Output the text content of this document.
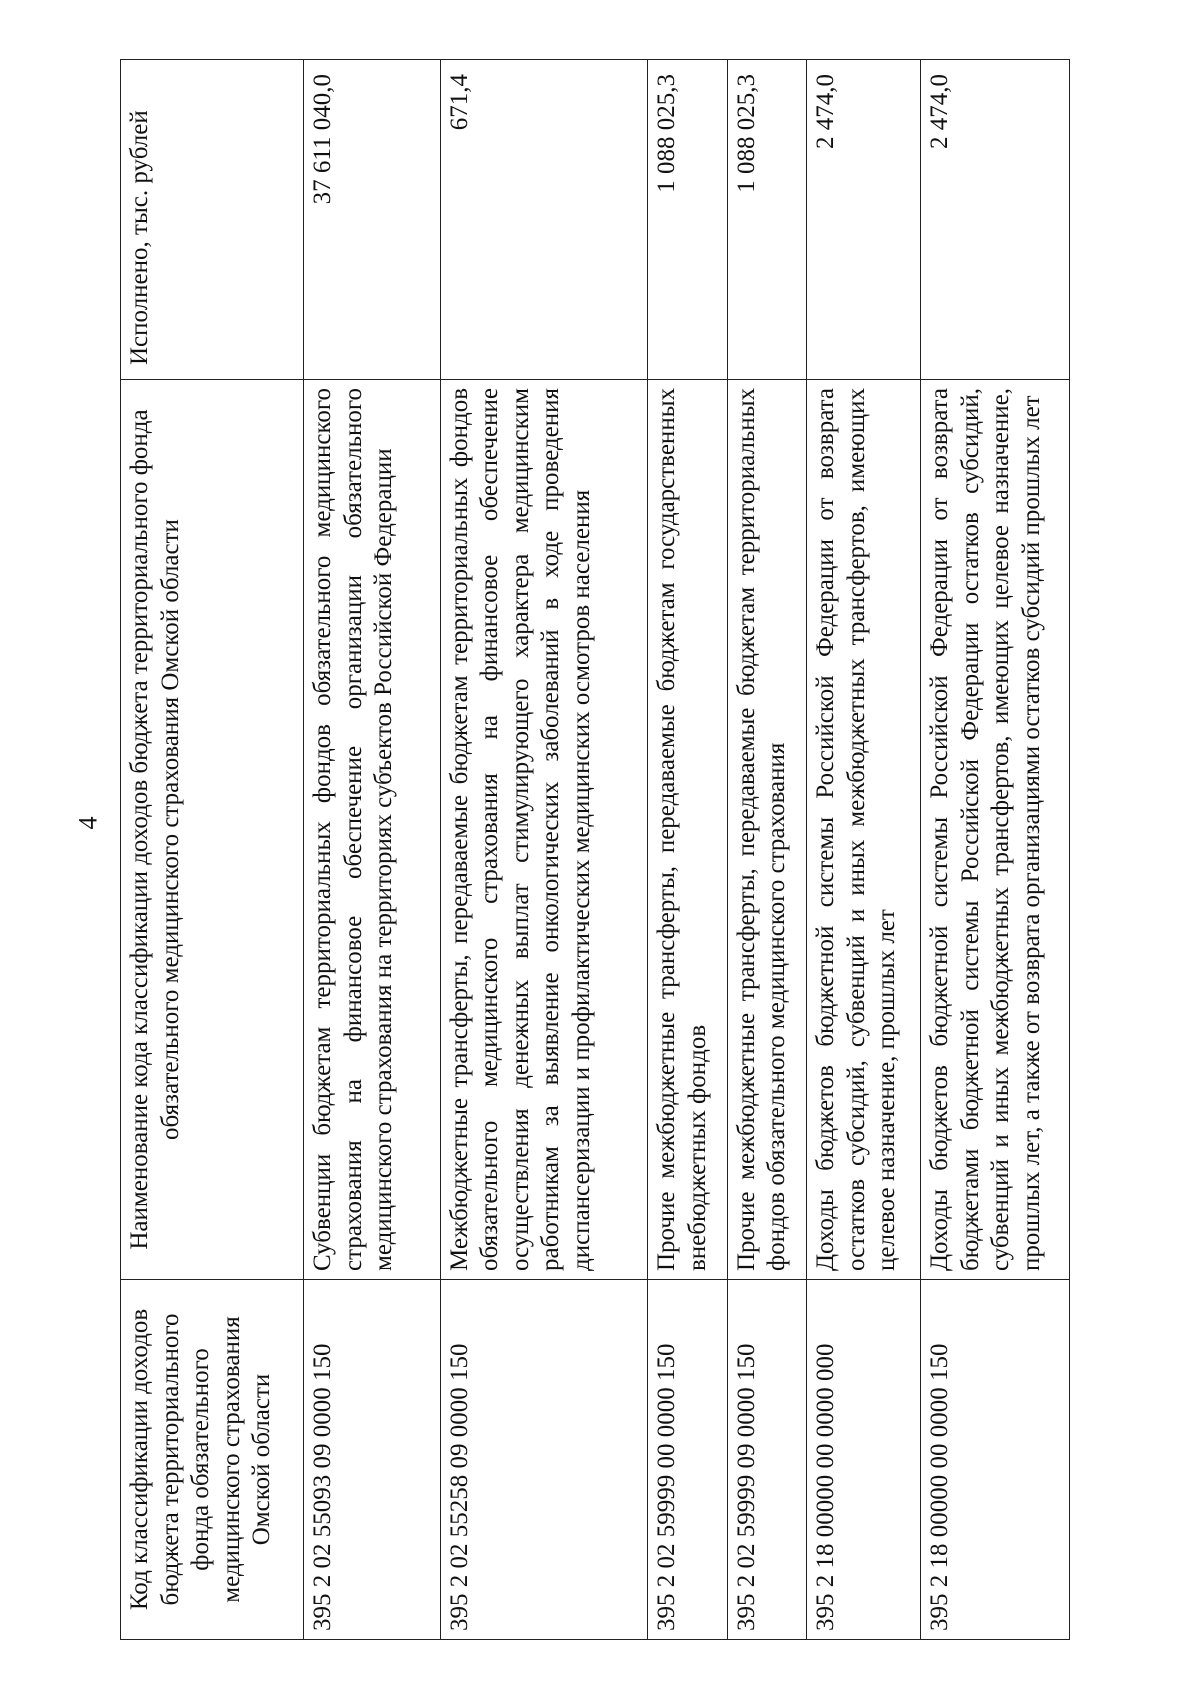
4
Код классификации доходов бюджета территориального фонда обязательного медицинского страхования Омской области	Наименование кода классификации доходов бюджета территориального фонда обязательного медицинского страхования Омской области	Исполнено, тыс. рублей
395 2 02 55093 09 0000 150	Субвенции бюджетам территориальных фондов обязательного медицинского страхования на финансовое обеспечение организации обязательного медицинского страхования на территориях субъектов Российской Федерации	37 611 040,0
395 2 02 55258 09 0000 150	Межбюджетные трансферты, передаваемые бюджетам территориальных фондов обязательного медицинского страхования на финансовое обеспечение осуществления денежных выплат стимулирующего характера медицинским работникам за выявление онкологических заболеваний в ходе проведения диспансеризации и профилактических медицинских осмотров населения	671,4
395 2 02 59999 00 0000 150	Прочие межбюджетные трансферты, передаваемые бюджетам государственных внебюджетных фондов	1 088 025,3
395 2 02 59999 09 0000 150	Прочие межбюджетные трансферты, передаваемые бюджетам территориальных фондов обязательного медицинского страхования	1 088 025,3
395 2 18 00000 00 0000 000	Доходы бюджетов бюджетной системы Российской Федерации от возврата остатков субсидий, субвенций и иных межбюджетных трансфертов, имеющих целевое назначение, прошлых лет	2 474,0
395 2 18 00000 00 0000 150	Доходы бюджетов бюджетной системы Российской Федерации от возврата бюджетами бюджетной системы Российской Федерации остатков субсидий, субвенций и иных межбюджетных трансфертов, имеющих целевое назначение, прошлых лет, а также от возврата организациями остатков субсидий прошлых лет	2 474,0
